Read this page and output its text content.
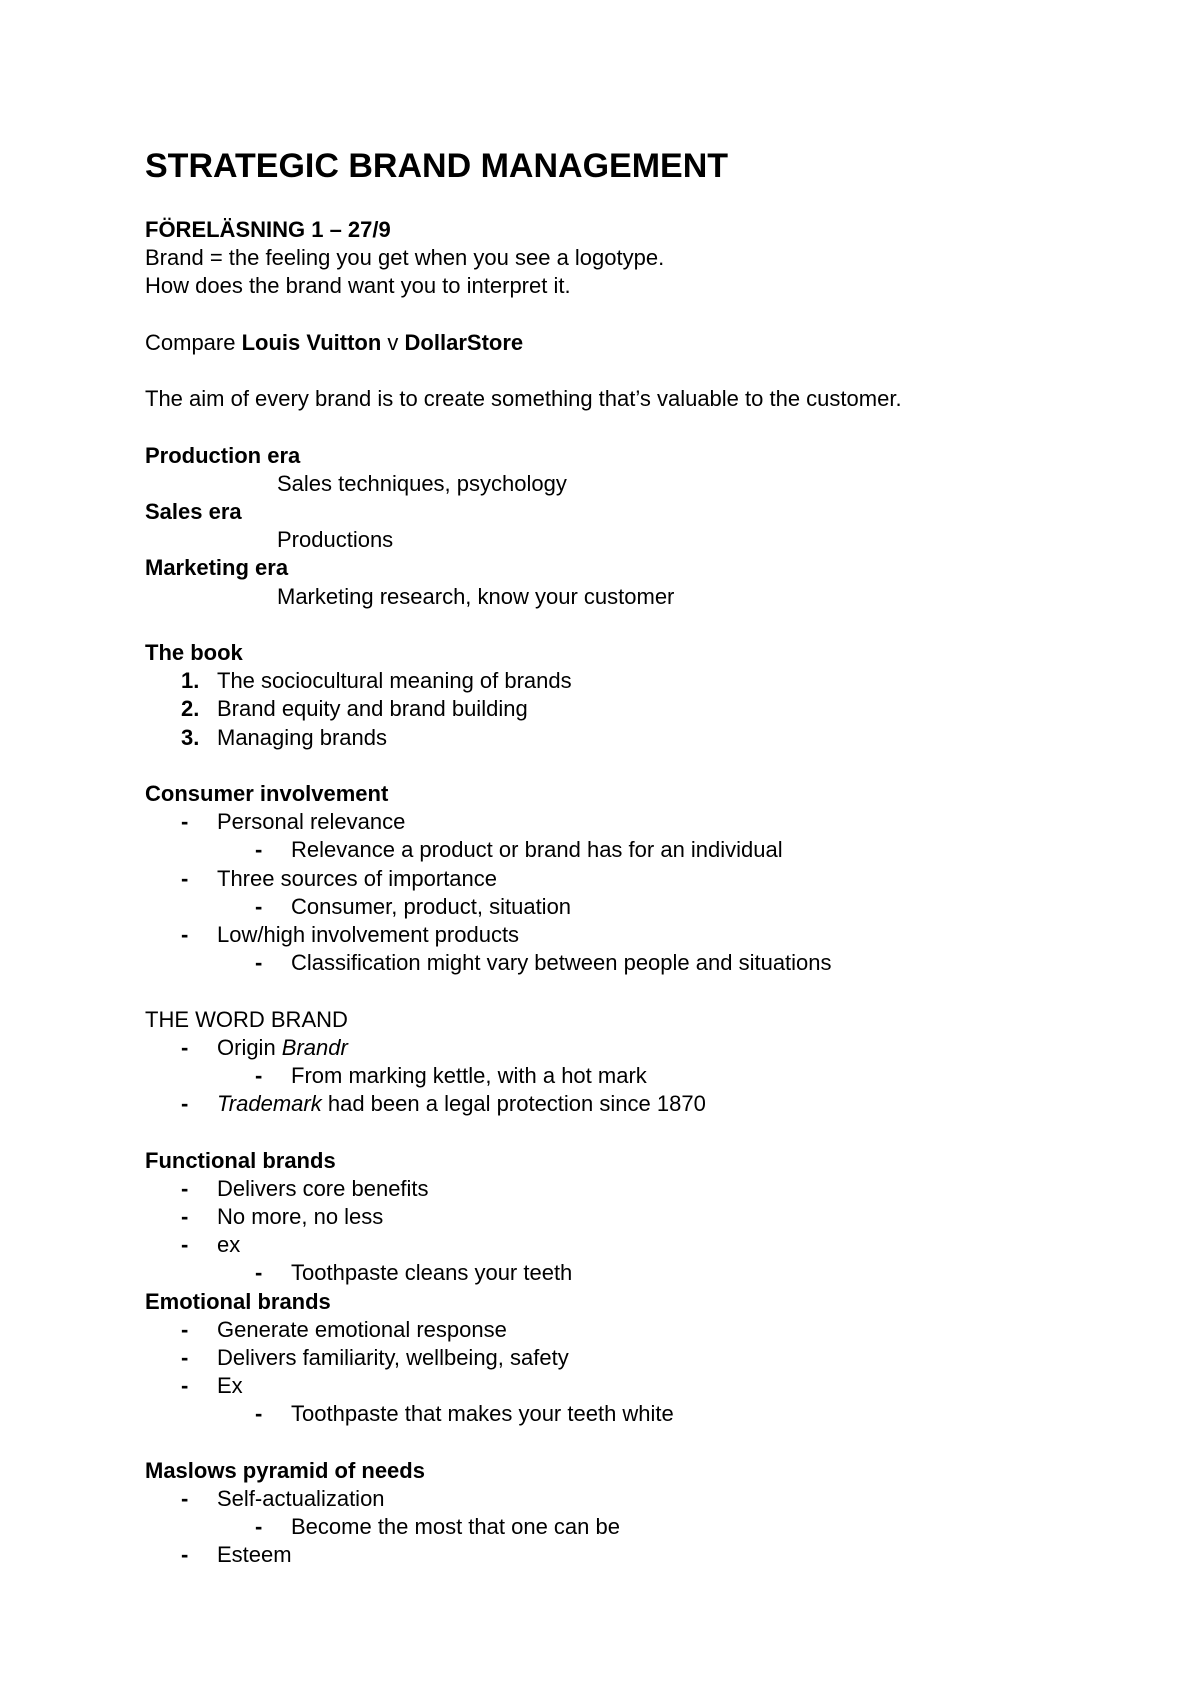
STRATEGIC BRAND MANAGEMENT
FÖRELÄSNING 1 – 27/9
Brand = the feeling you get when you see a logotype.
How does the brand want you to interpret it.
Compare Louis Vuitton v DollarStore
The aim of every brand is to create something that’s valuable to the customer.
Production era
Sales techniques, psychology
Sales era
Productions
Marketing era
Marketing research, know your customer
The book
1. The sociocultural meaning of brands
2. Brand equity and brand building
3. Managing brands
Consumer involvement
-	Personal relevance
-	Relevance a product or brand has for an individual
-	Three sources of importance
-	Consumer, product, situation
-	Low/high involvement products
-	Classification might vary between people and situations
THE WORD BRAND
-	Origin Brandr
-	From marking kettle, with a hot mark
-	Trademark had been a legal protection since 1870
Functional brands
-	Delivers core benefits
-	No more, no less
-	ex
-	Toothpaste cleans your teeth
Emotional brands
-	Generate emotional response
-	Delivers familiarity, wellbeing, safety
-	Ex
-	Toothpaste that makes your teeth white
Maslows pyramid of needs
-	Self-actualization
-	Become the most that one can be
-	Esteem
